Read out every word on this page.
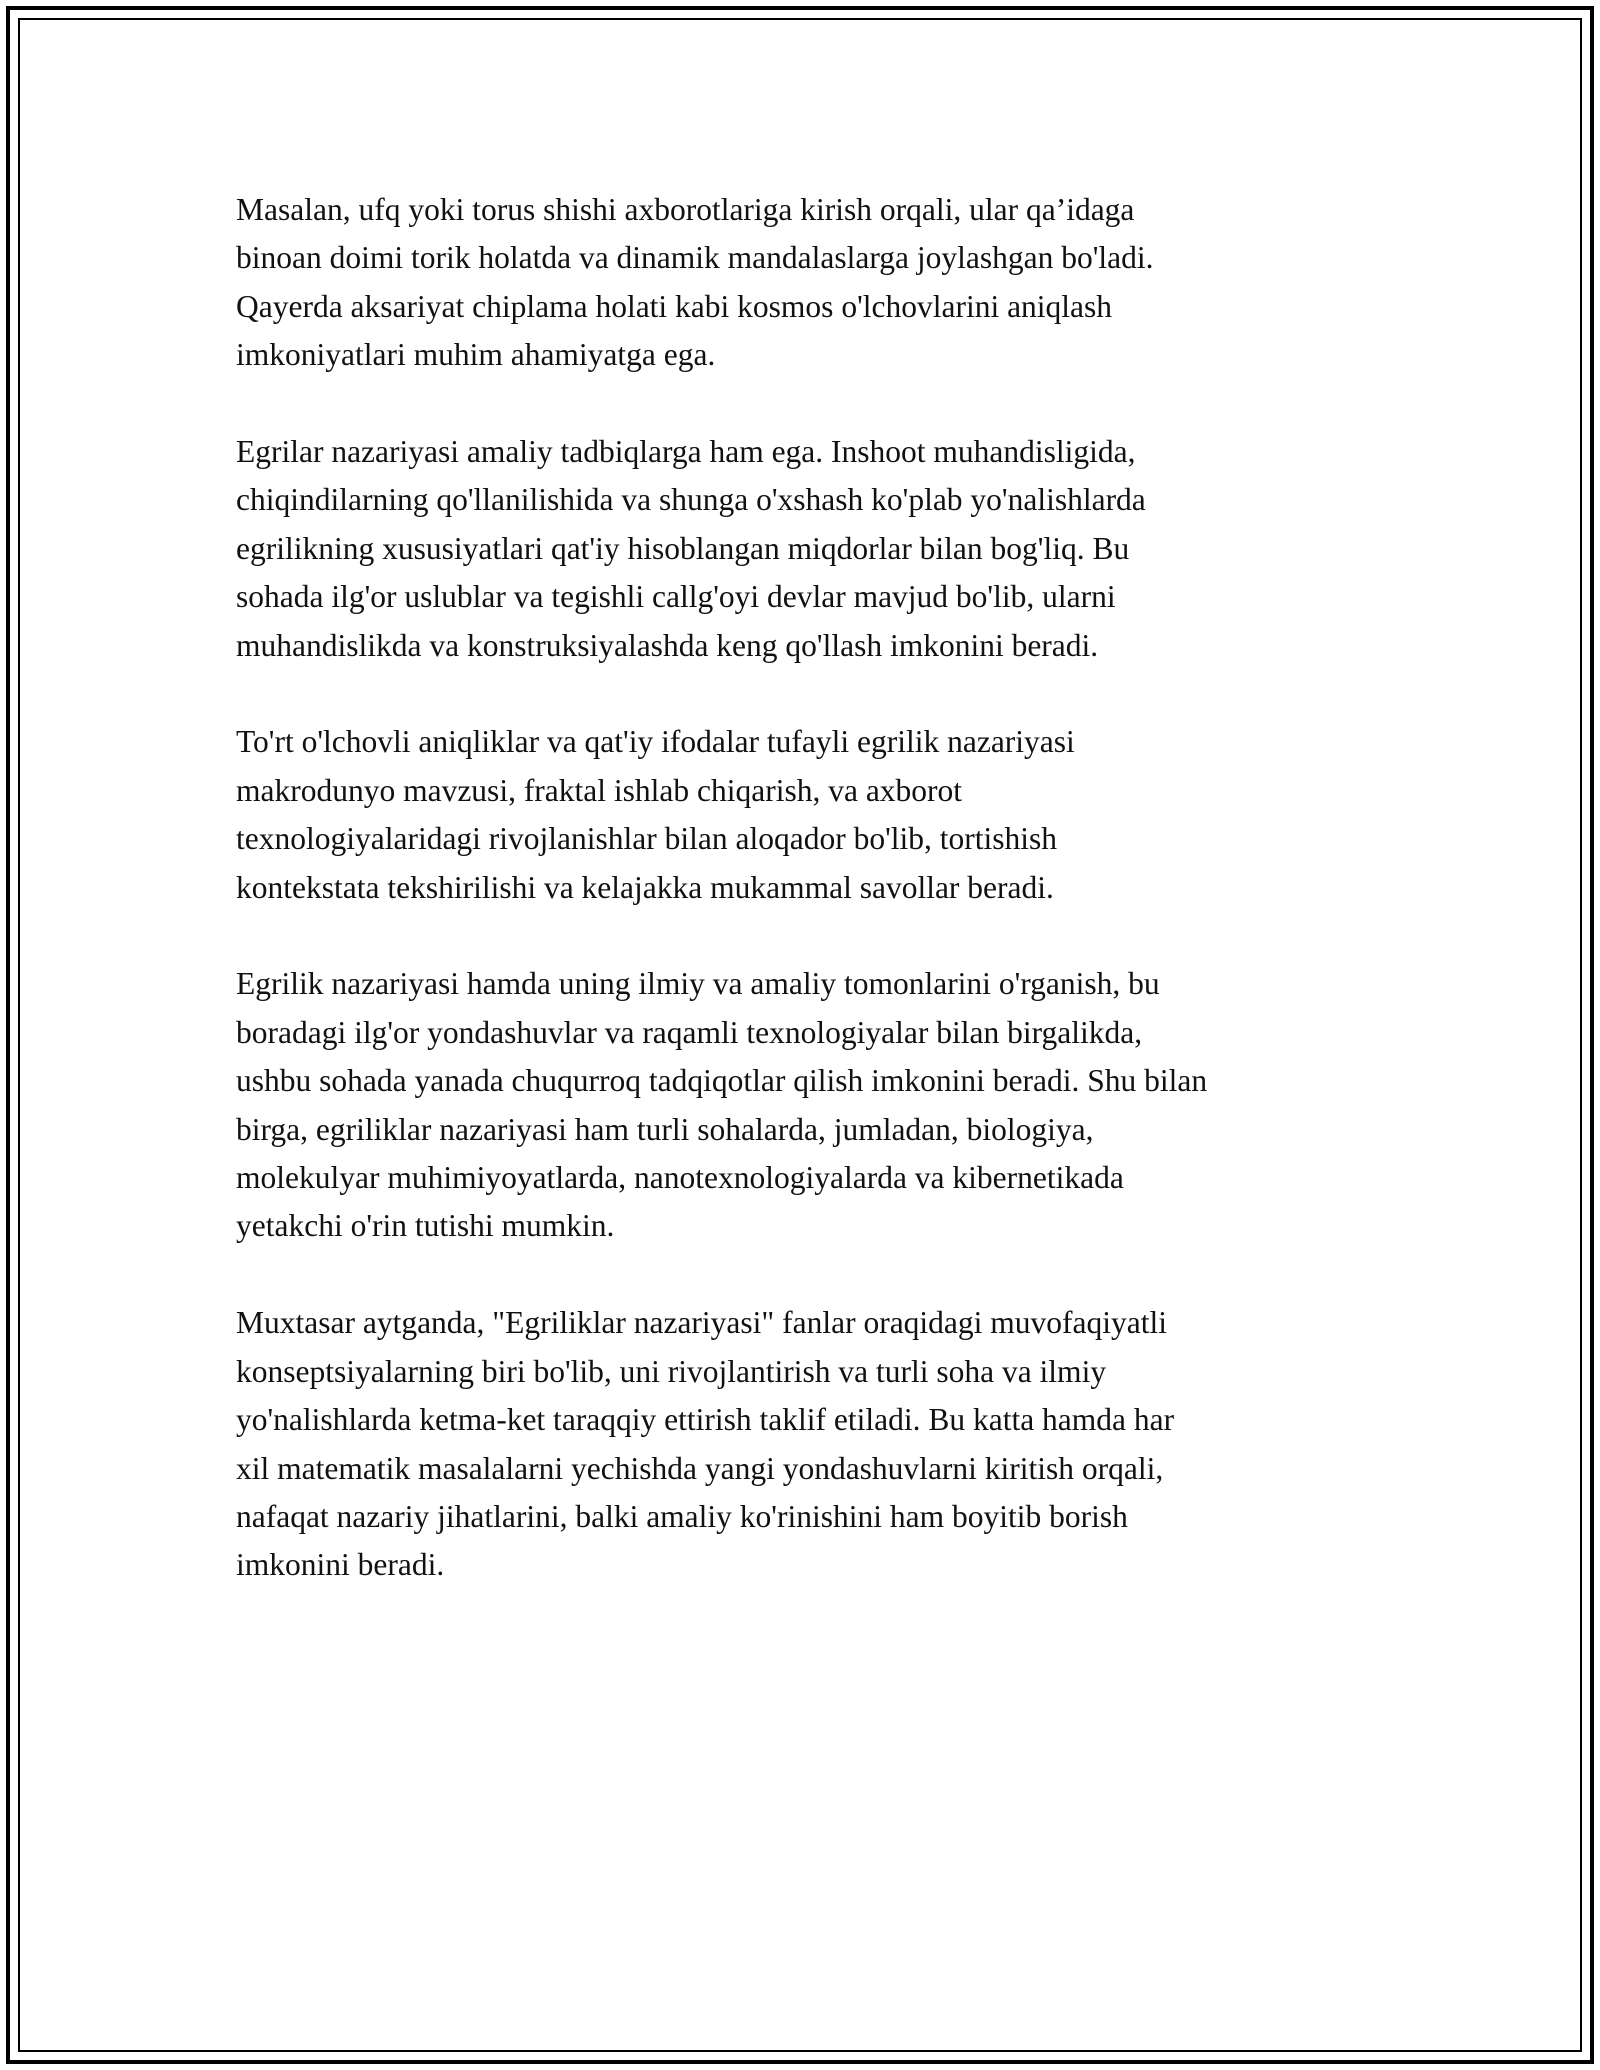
Masalan, ufq yoki torus shishi axborotlariga kirish orqali, ular qa’idaga
binoan doimi torik holatda va dinamik mandalaslarga joylashgan bo'ladi.
Qayerda aksariyat chiplama holati kabi kosmos o'lchovlarini aniqlash
imkoniyatlari muhim ahamiyatga ega.

Egrilar nazariyasi amaliy tadbiqlarga ham ega. Inshoot muhandisligida,
chiqindilarning qo'llanilishida va shunga o'xshash ko'plab yo'nalishlarda
egrilikning xususiyatlari qat'iy hisoblangan miqdorlar bilan bog'liq. Bu
sohada ilg'or uslublar va tegishli callg'oyi devlar mavjud bo'lib, ularni
muhandislikda va konstruksiyalashda keng qo'llash imkonini beradi.

To'rt o'lchovli aniqliklar va qat'iy ifodalar tufayli egrilik nazariyasi
makrodunyo mavzusi, fraktal ishlab chiqarish, va axborot
texnologiyalaridagi rivojlanishlar bilan aloqador bo'lib, tortishish
kontekstata tekshirilishi va kelajakka mukammal savollar beradi.

Egrilik nazariyasi hamda uning ilmiy va amaliy tomonlarini o'rganish, bu
boradagi ilg'or yondashuvlar va raqamli texnologiyalar bilan birgalikda,
ushbu sohada yanada chuqurroq tadqiqotlar qilish imkonini beradi. Shu bilan
birga, egriliklar nazariyasi ham turli sohalarda, jumladan, biologiya,
molekulyar muhimiyoyatlarda, nanotexnologiyalarda va kibernetikada
yetakchi o'rin tutishi mumkin.

Muxtasar aytganda, "Egriliklar nazariyasi" fanlar oraqidagi muvofaqiyatli
konseptsiyalarning biri bo'lib, uni rivojlantirish va turli soha va ilmiy
yo'nalishlarda ketma-ket taraqqiy ettirish taklif etiladi. Bu katta hamda har
xil matematik masalalarni yechishda yangi yondashuvlarni kiritish orqali,
nafaqat nazariy jihatlarini, balki amaliy ko'rinishini ham boyitib borish
imkonini beradi.
